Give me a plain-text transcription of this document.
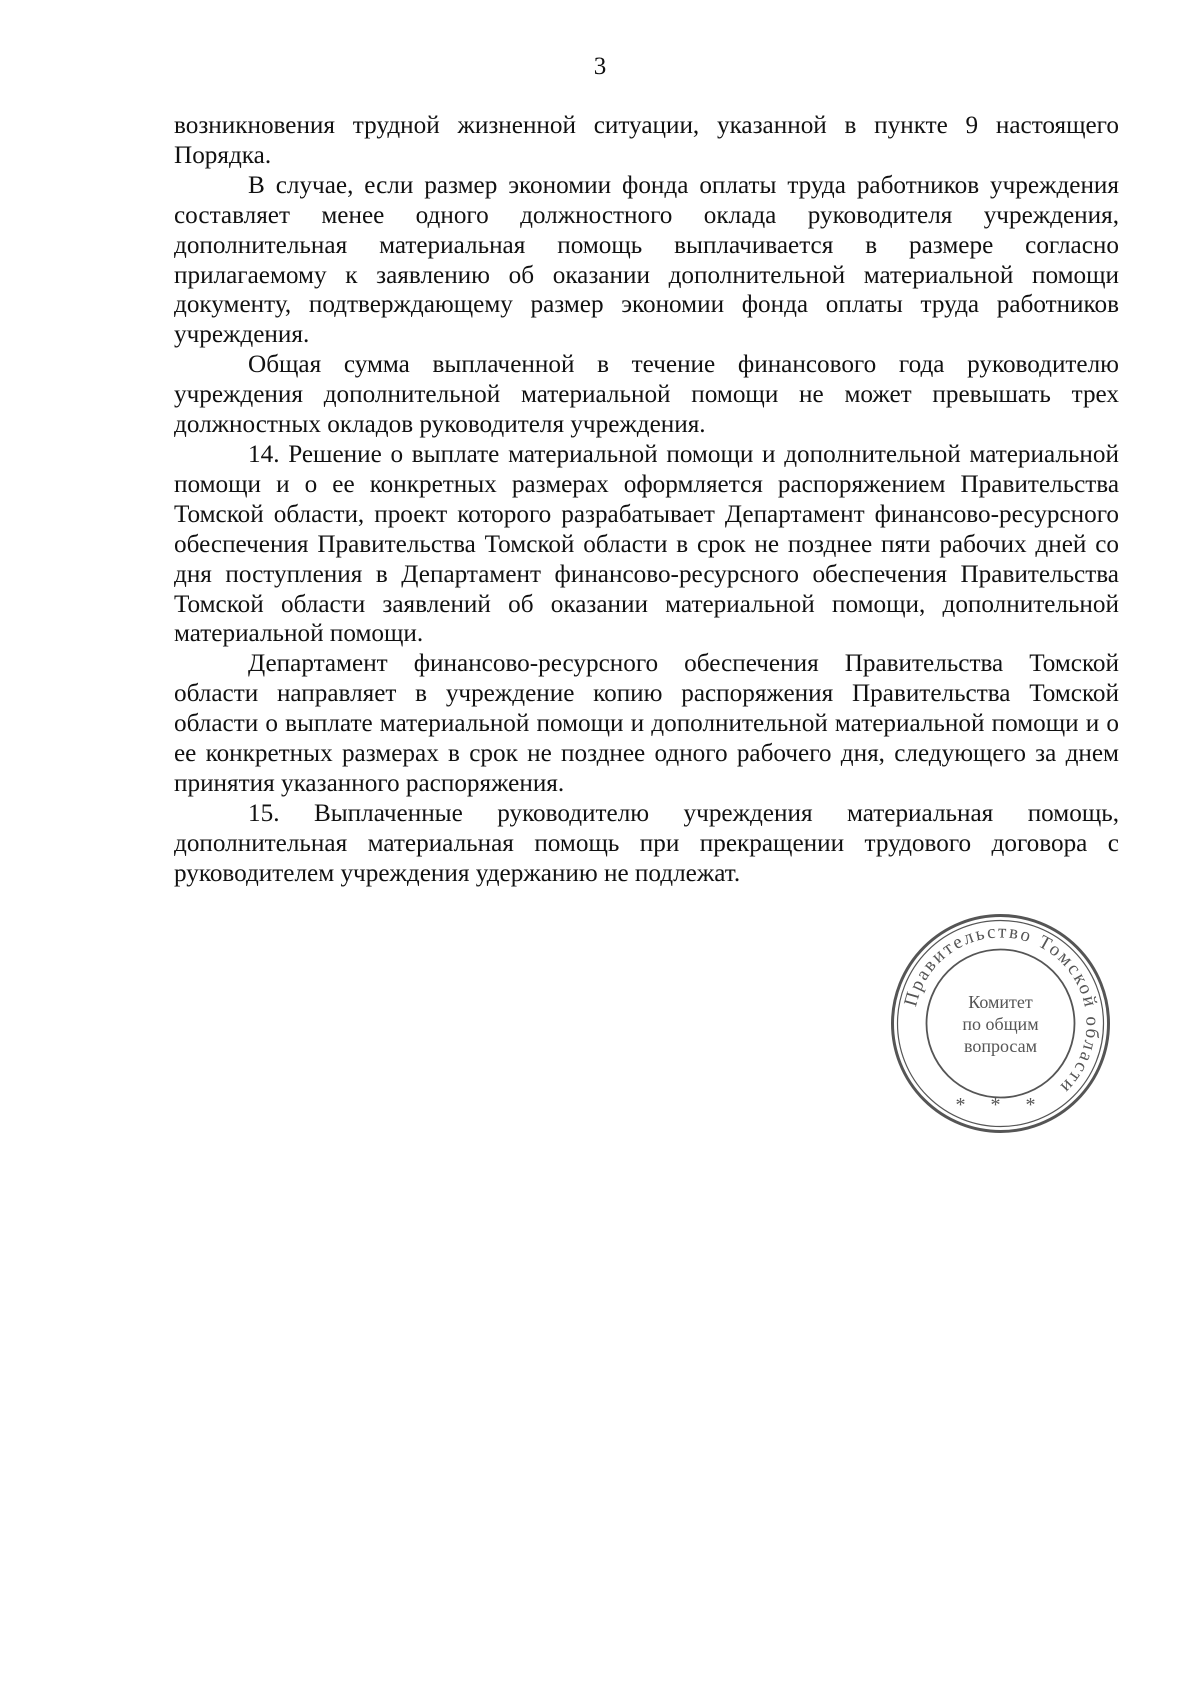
3

возникновения трудной жизненной ситуации, указанной в пункте 9 настоящего Порядка.

В случае, если размер экономии фонда оплаты труда работников учреждения составляет менее одного должностного оклада руководителя учреждения, дополнительная материальная помощь выплачивается в размере согласно прилагаемому к заявлению об оказании дополнительной материальной помощи документу, подтверждающему размер экономии фонда оплаты труда работников учреждения.

Общая сумма выплаченной в течение финансового года руководителю учреждения дополнительной материальной помощи не может превышать трех должностных окладов руководителя учреждения.

14. Решение о выплате материальной помощи и дополнительной материальной помощи и о ее конкретных размерах оформляется распоряжением Правительства Томской области, проект которого разрабатывает Департамент финансово-ресурсного обеспечения Правительства Томской области в срок не позднее пяти рабочих дней со дня поступления в Департамент финансово-ресурсного обеспечения Правительства Томской области заявлений об оказании материальной помощи, дополнительной материальной помощи.

Департамент финансово-ресурсного обеспечения Правительства Томской области направляет в учреждение копию распоряжения Правительства Томской области о выплате материальной помощи и дополнительной материальной помощи и о ее конкретных размерах в срок не позднее одного рабочего дня, следующего за днем принятия указанного распоряжения.

15. Выплаченные руководителю учреждения материальная помощь, дополнительная материальная помощь при прекращении трудового договора с руководителем учреждения удержанию не подлежат.

Правительство Томской области
Комитет
по общим
вопросам
* * *
